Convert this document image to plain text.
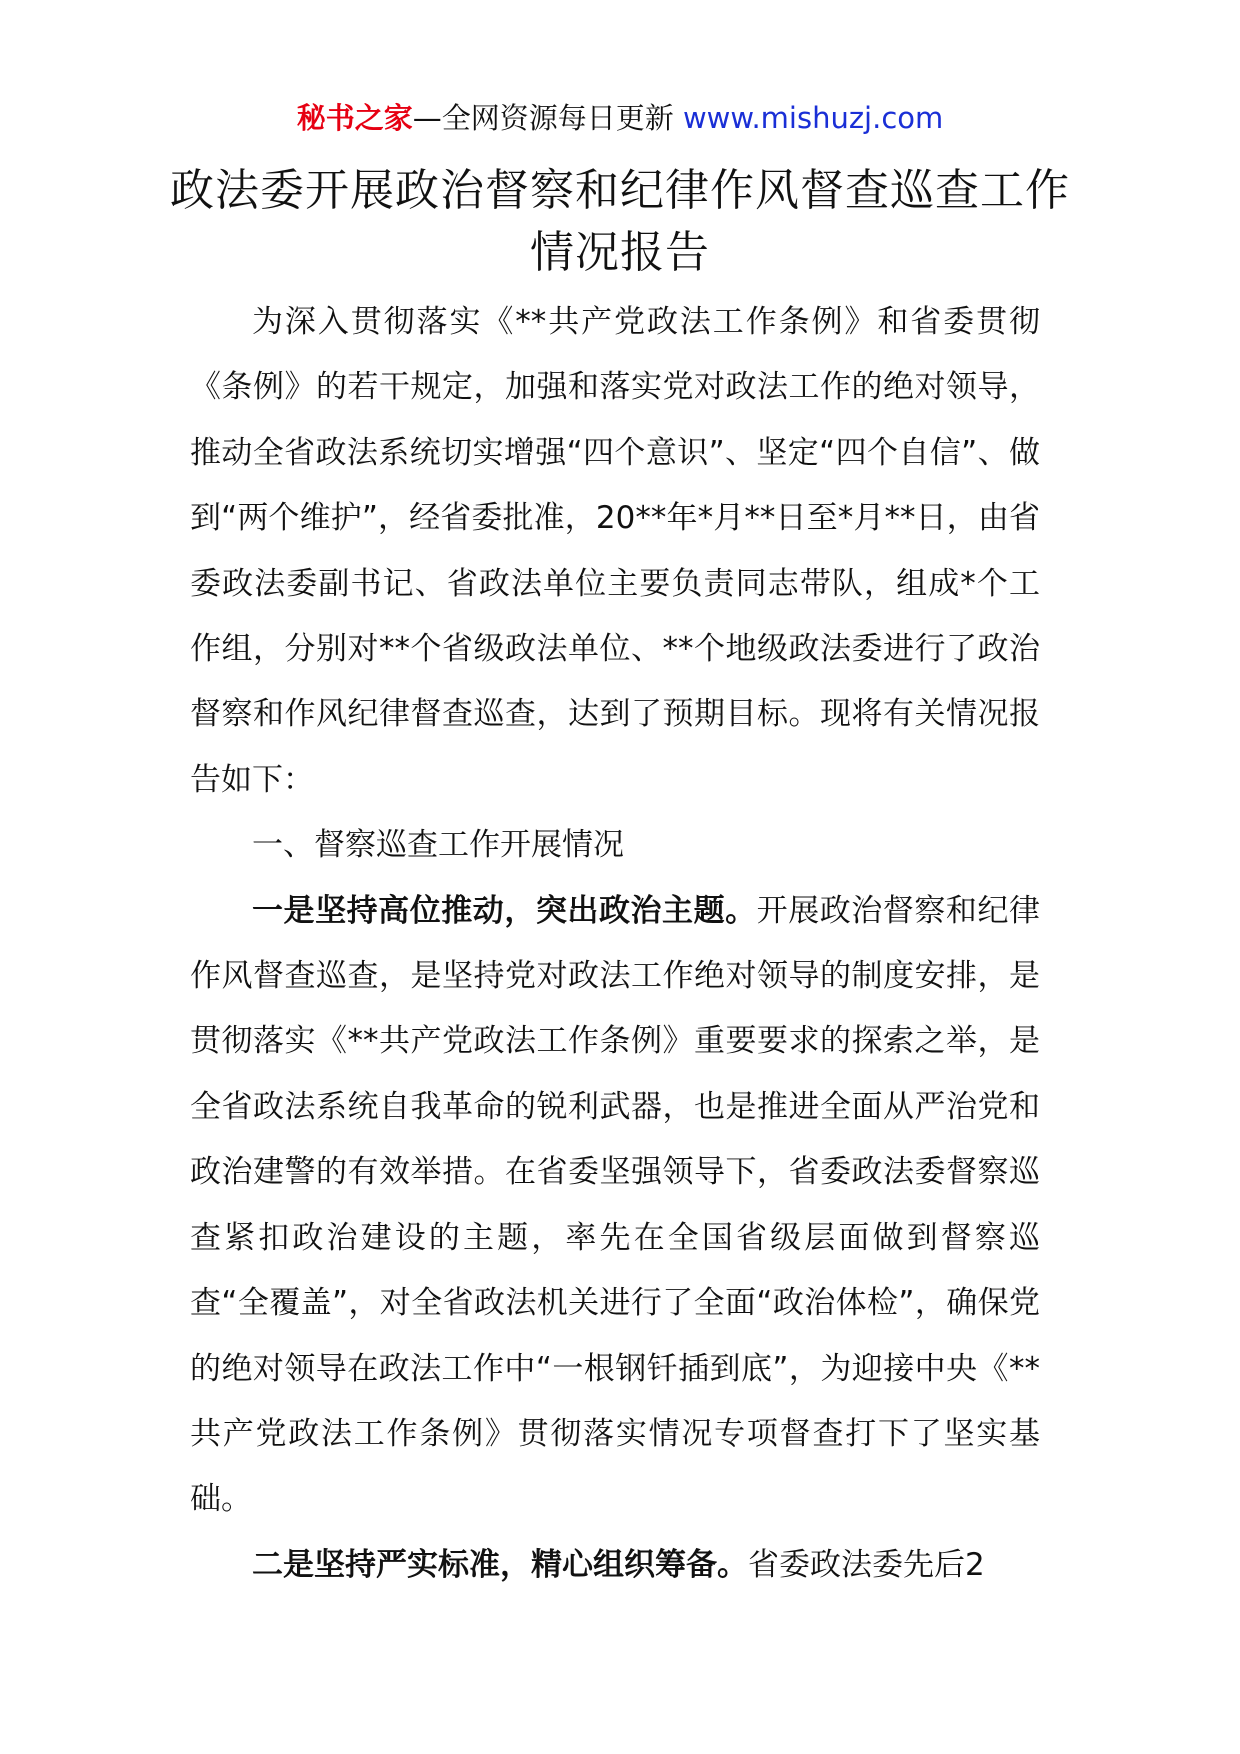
秘书之家—全网资源每日更新 www.mishuzj.com
政法委开展政治督察和纪律作风督查巡查工作情况报告

为深入贯彻落实《**共产党政法工作条例》和省委贯彻《条例》的若干规定，加强和落实党对政法工作的绝对领导，推动全省政法系统切实增强“四个意识”、坚定“四个自信”、做到“两个维护”，经省委批准，20**年*月**日至*月**日，由省委政法委副书记、省政法单位主要负责同志带队，组成*个工作组，分别对**个省级政法单位、**个地级政法委进行了政治督察和作风纪律督查巡查，达到了预期目标。现将有关情况报告如下：

一、督察巡查工作开展情况

一是坚持高位推动，突出政治主题。开展政治督察和纪律作风督查巡查，是坚持党对政法工作绝对领导的制度安排，是贯彻落实《**共产党政法工作条例》重要要求的探索之举，是全省政法系统自我革命的锐利武器，也是推进全面从严治党和政治建警的有效举措。在省委坚强领导下，省委政法委督察巡查紧扣政治建设的主题，率先在全国省级层面做到督察巡查“全覆盖”，对全省政法机关进行了全面“政治体检”，确保党的绝对领导在政法工作中“一根钢钎插到底”，为迎接中央《**共产党政法工作条例》贯彻落实情况专项督查打下了坚实基础。

二是坚持严实标准，精心组织筹备。省委政法委先后2
